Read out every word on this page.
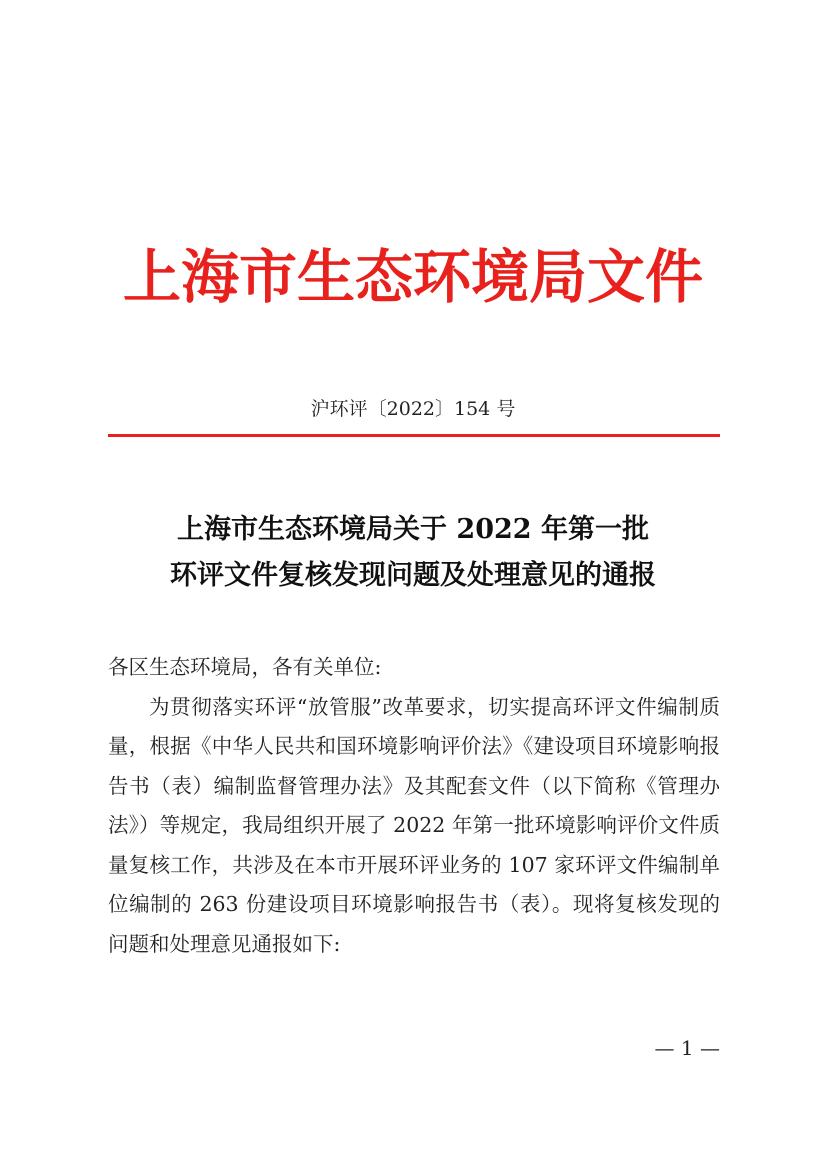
上海市生态环境局文件
沪环评〔2022〕154 号
上海市生态环境局关于 2022 年第一批
环评文件复核发现问题及处理意见的通报

各区生态环境局，各有关单位:

为贯彻落实环评“放管服”改革要求，切实提高环评文件编制质量，根据《中华人民共和国环境影响评价法》《建设项目环境影响报告书（表）编制监督管理办法》及其配套文件（以下简称《管理办法》）等规定，我局组织开展了 2022 年第一批环境影响评价文件质量复核工作，共涉及在本市开展环评业务的 107 家环评文件编制单位编制的 263 份建设项目环境影响报告书（表）。现将复核发现的问题和处理意见通报如下:

— 1 —
